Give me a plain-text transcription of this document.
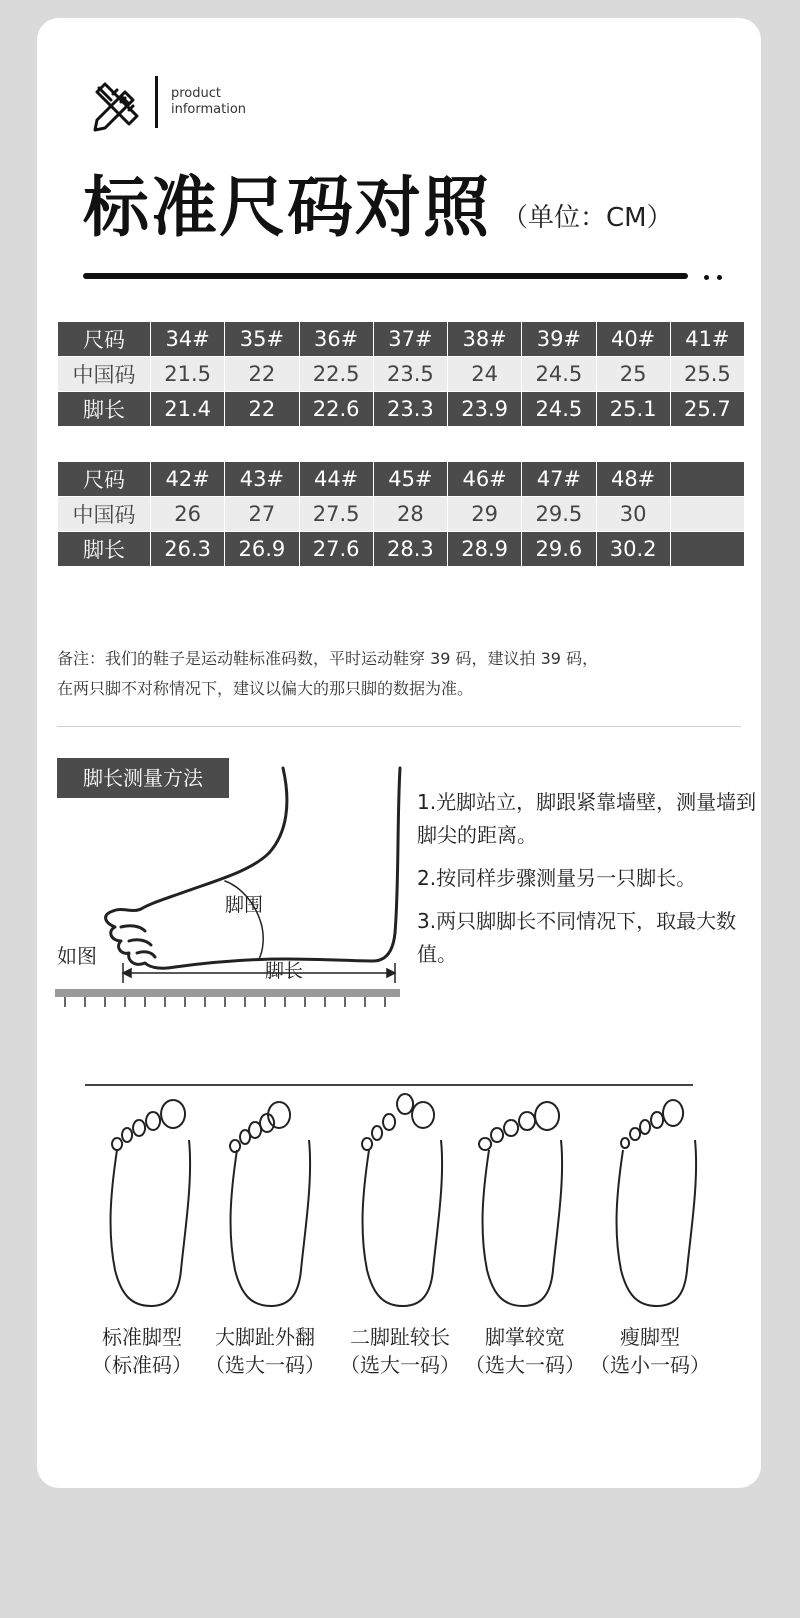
product
information
标准尺码对照 （单位：CM）
尺码	34#	35#	36#	37#	38#	39#	40#	41#
中国码	21.5	22	22.5	23.5	24	24.5	25	25.5
脚长	21.4	22	22.6	23.3	23.9	24.5	25.1	25.7
尺码	42#	43#	44#	45#	46#	47#	48#	
中国码	26	27	27.5	28	29	29.5	30	
脚长	26.3	26.9	27.6	28.3	28.9	29.6	30.2	
备注：我们的鞋子是运动鞋标准码数，平时运动鞋穿 39 码，建议拍 39 码，
在两只脚不对称情况下，建议以偏大的那只脚的数据为准。
脚长测量方法
如图
脚围
脚长

1.光脚站立，脚跟紧靠墙壁，测量墙到脚尖的距离。

2.按同样步骤测量另一只脚长。

3.两只脚脚长不同情况下，取最大数值。

标准脚型
（标准码）
大脚趾外翻
（选大一码）
二脚趾较长
（选大一码）
脚掌较宽
（选大一码）
瘦脚型
（选小一码）
